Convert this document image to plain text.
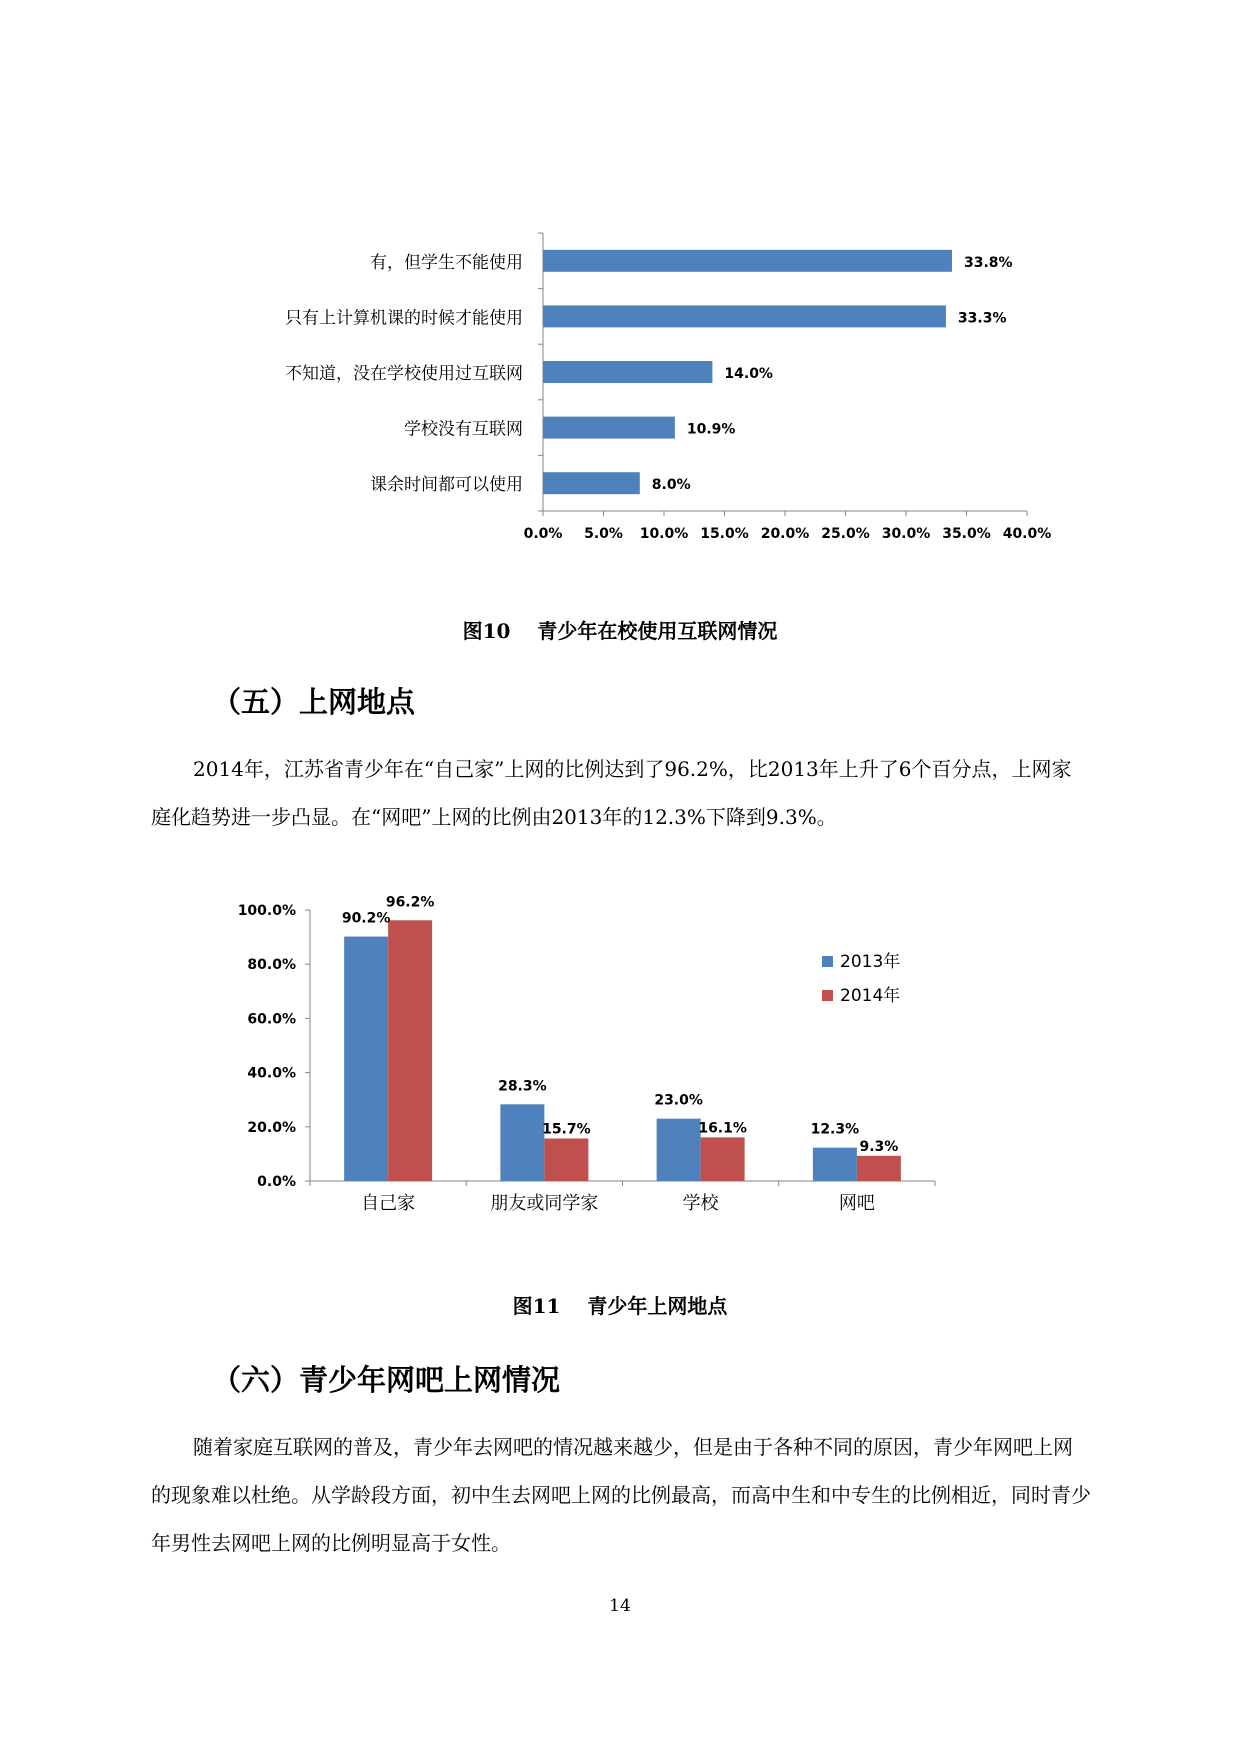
0.0% 5.0% 10.0% 15.0% 20.0% 25.0% 30.0% 35.0% 40.0%
有，但学生不能使用	33.8%
只有上计算机课的时候才能使用	33.3%
不知道，没在学校使用过互联网	14.0%
学校没有互联网	10.9%
课余时间都可以使用	8.0%
图10　 青少年在校使用互联网情况
（五）上网地点
2014年，江苏省青少年在“自己家”上网的比例达到了96.2%，比2013年上升了6个百分点，上网家庭化趋势进一步凸显。在“网吧”上网的比例由2013年的12.3%下降到9.3%。
0.0%
20.0%
40.0%
60.0%
80.0%
100.0%
自己家
90.2%
96.2%
朋友或同学家
28.3%
15.7%
学校
23.0%
16.1%
网吧
12.3%
9.3%
2013年
2014年
图11　 青少年上网地点
（六）青少年网吧上网情况
随着家庭互联网的普及，青少年去网吧的情况越来越少，但是由于各种不同的原因，青少年网吧上网的现象难以杜绝。从学龄段方面，初中生去网吧上网的比例最高，而高中生和中专生的比例相近，同时青少年男性去网吧上网的比例明显高于女性。
14
